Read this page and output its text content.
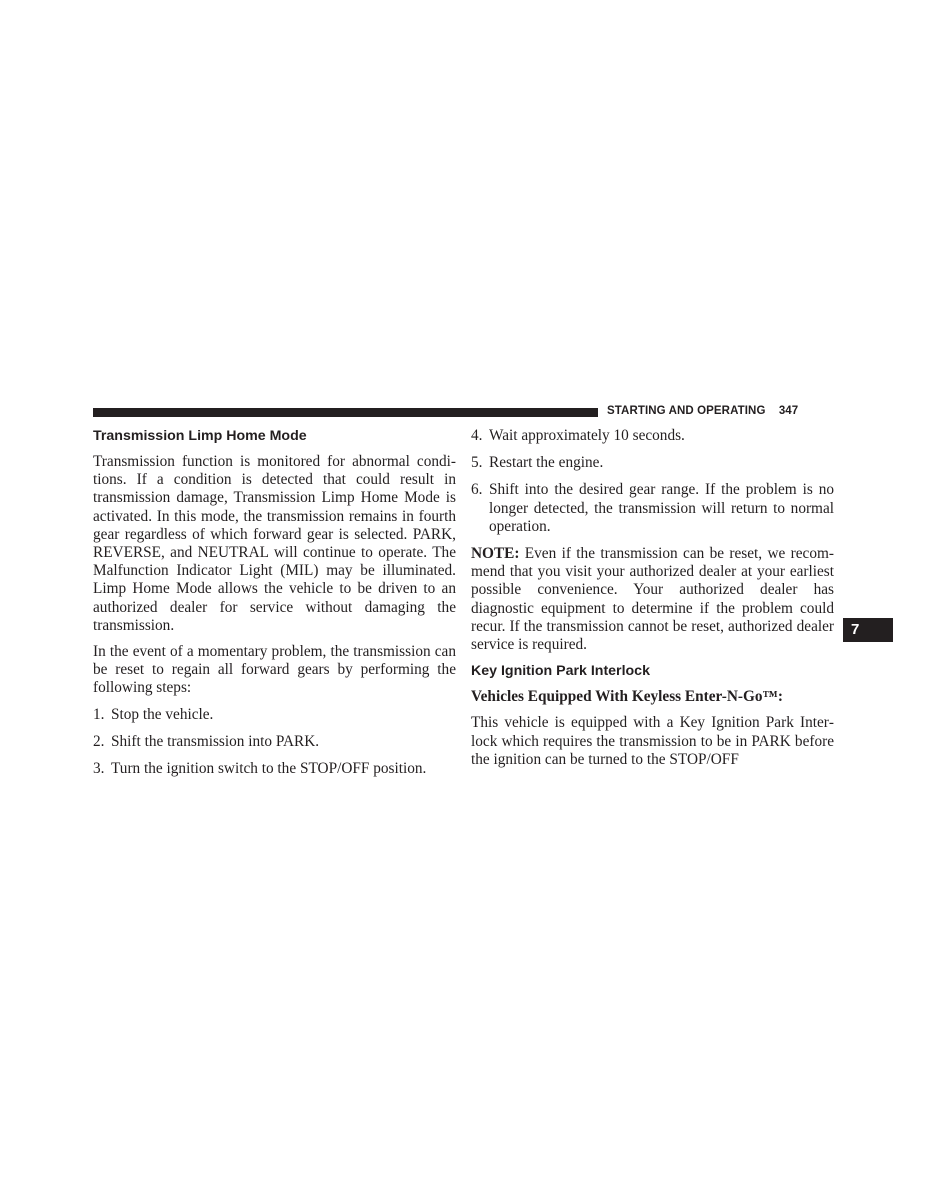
STARTING AND OPERATING 347
7
Transmission Limp Home Mode

Transmission function is monitored for abnormal conditions. If a condition is detected that could result in transmission damage, Transmission Limp Home Mode is activated. In this mode, the transmission remains in fourth gear regardless of which forward gear is selected. PARK, REVERSE, and NEUTRAL will continue to operate. The Malfunction Indicator Light (MIL) may be illuminated. Limp Home Mode allows the vehicle to be driven to an authorized dealer for service without damaging the transmission.

In the event of a momentary problem, the transmission can be reset to regain all forward gears by performing the following steps:

1. Stop the vehicle.
2. Shift the transmission into PARK.
3. Turn the ignition switch to the STOP/OFF position.
4. Wait approximately 10 seconds.
5. Restart the engine.
6. Shift into the desired gear range. If the problem is no longer detected, the transmission will return to normal operation.

NOTE: Even if the transmission can be reset, we recommend that you visit your authorized dealer at your earliest possible convenience. Your authorized dealer has diagnostic equipment to determine if the problem could recur. If the transmission cannot be reset, authorized dealer service is required.

Key Ignition Park Interlock
Vehicles Equipped With Keyless Enter-N-Go™:

This vehicle is equipped with a Key Ignition Park Interlock which requires the transmission to be in PARK before the ignition can be turned to the STOP/OFF
